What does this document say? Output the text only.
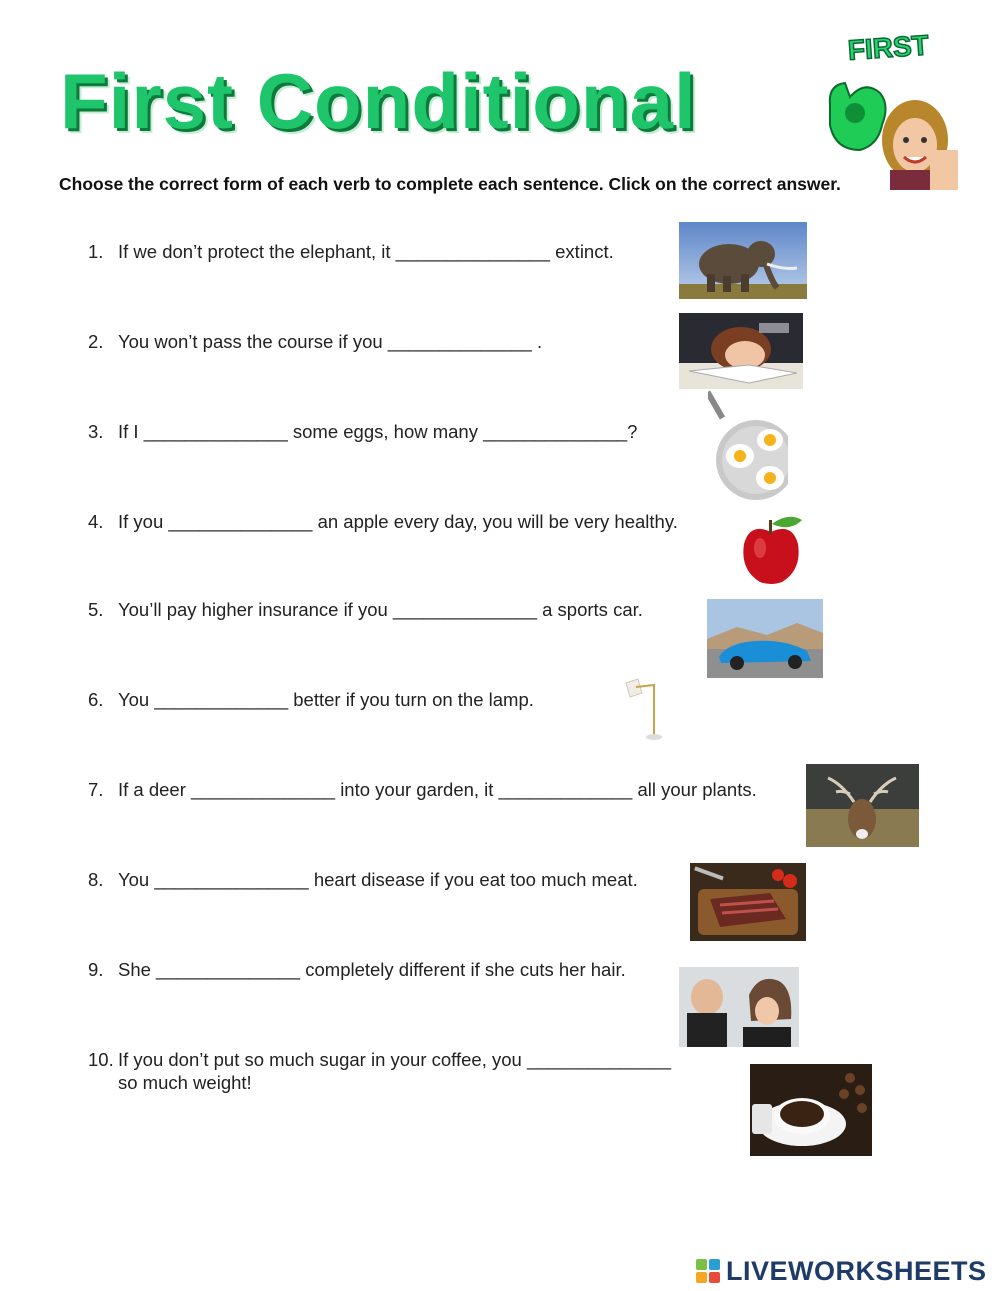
First Conditional
FIRST
Choose the correct form of each verb to complete each sentence. Click on the correct answer.
1. If we don’t protect the elephant, it _______________ extinct.
2. You won’t pass the course if you ______________ .
3. If I ______________ some eggs, how many ______________?
4. If you ______________ an apple every day, you will be very healthy.
5. You’ll pay higher insurance if you ______________ a sports car.
6. You _____________ better if you turn on the lamp.
7. If a deer ______________ into your garden, it _____________ all your plants.
8. You _______________ heart disease if you eat too much meat.
9. She ______________ completely different if she cuts her hair.
10. If you don’t put so much sugar in your coffee, you ______________
so much weight!
LIVEWORKSHEETS
